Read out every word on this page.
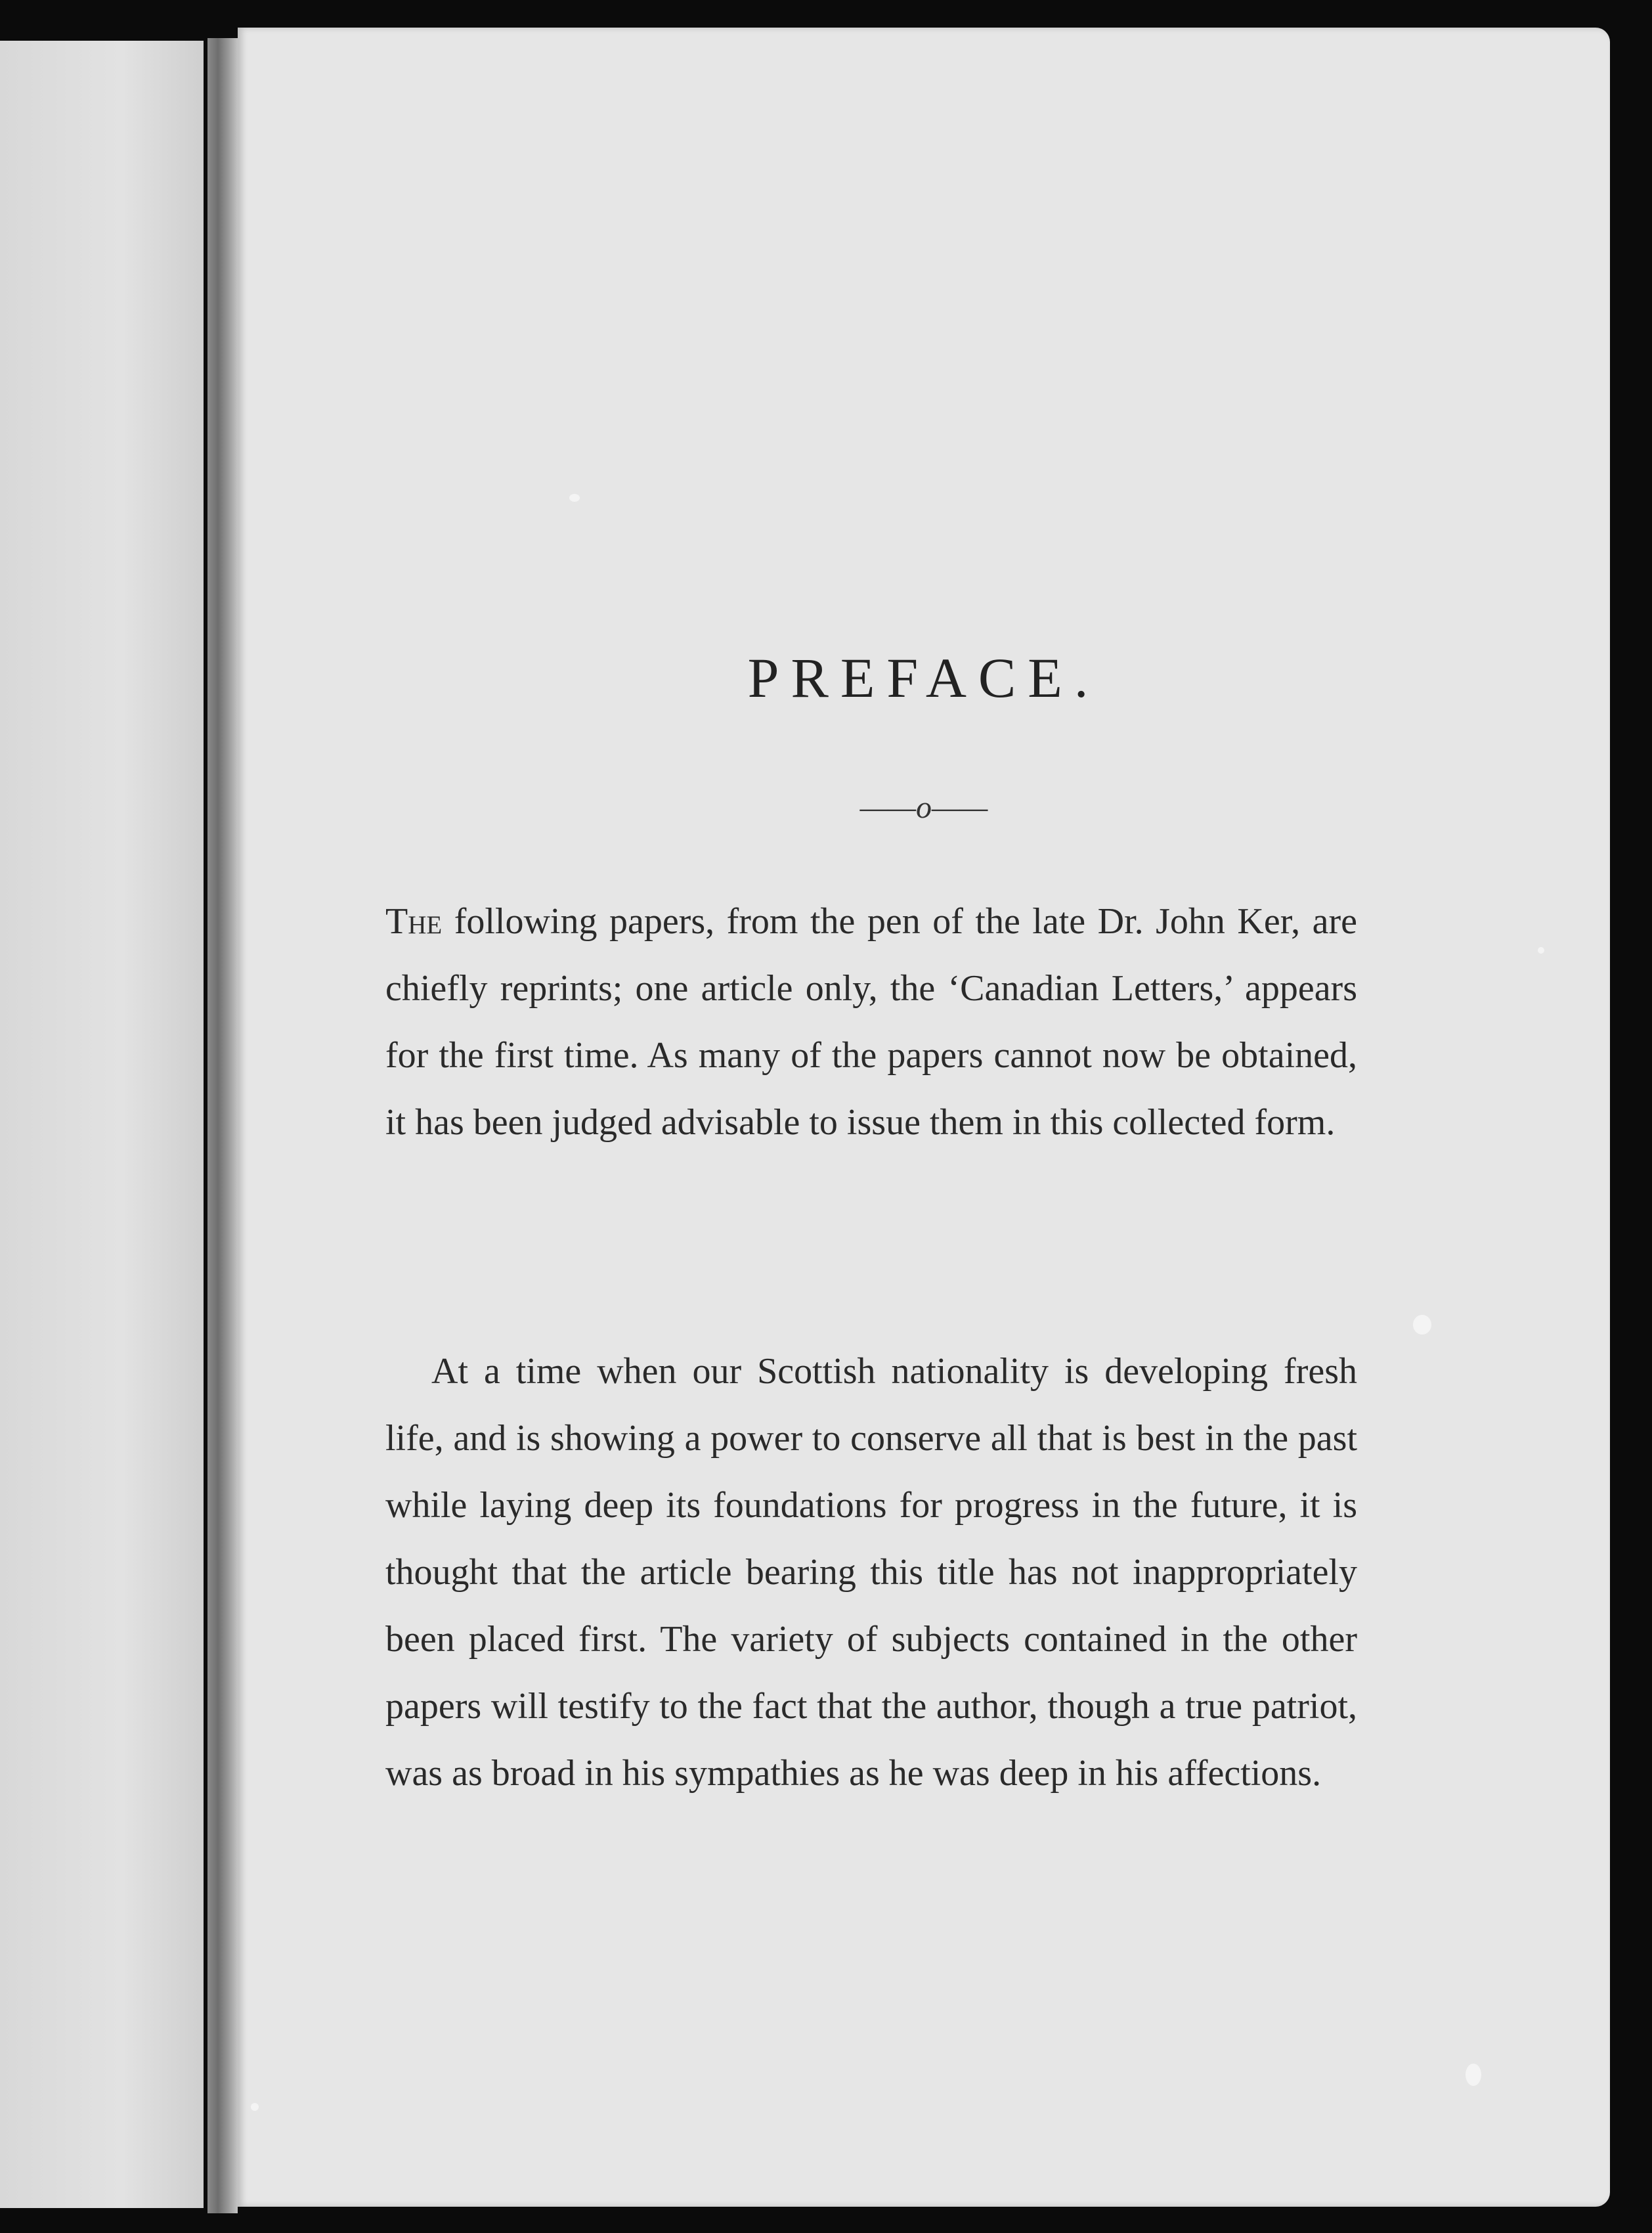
PREFACE.
——o——

The following papers, from the pen of the late Dr. John Ker, are chiefly reprints; one article only, the ‘Canadian Letters,’ appears for the first time. As many of the papers cannot now be obtained, it has been judged advisable to issue them in this collected form.

At a time when our Scottish nationality is developing fresh life, and is showing a power to conserve all that is best in the past while laying deep its foundations for progress in the future, it is thought that the article bearing this title has not inappropriately been placed first. The variety of subjects contained in the other papers will testify to the fact that the author, though a true patriot, was as broad in his sympathies as he was deep in his affections.
